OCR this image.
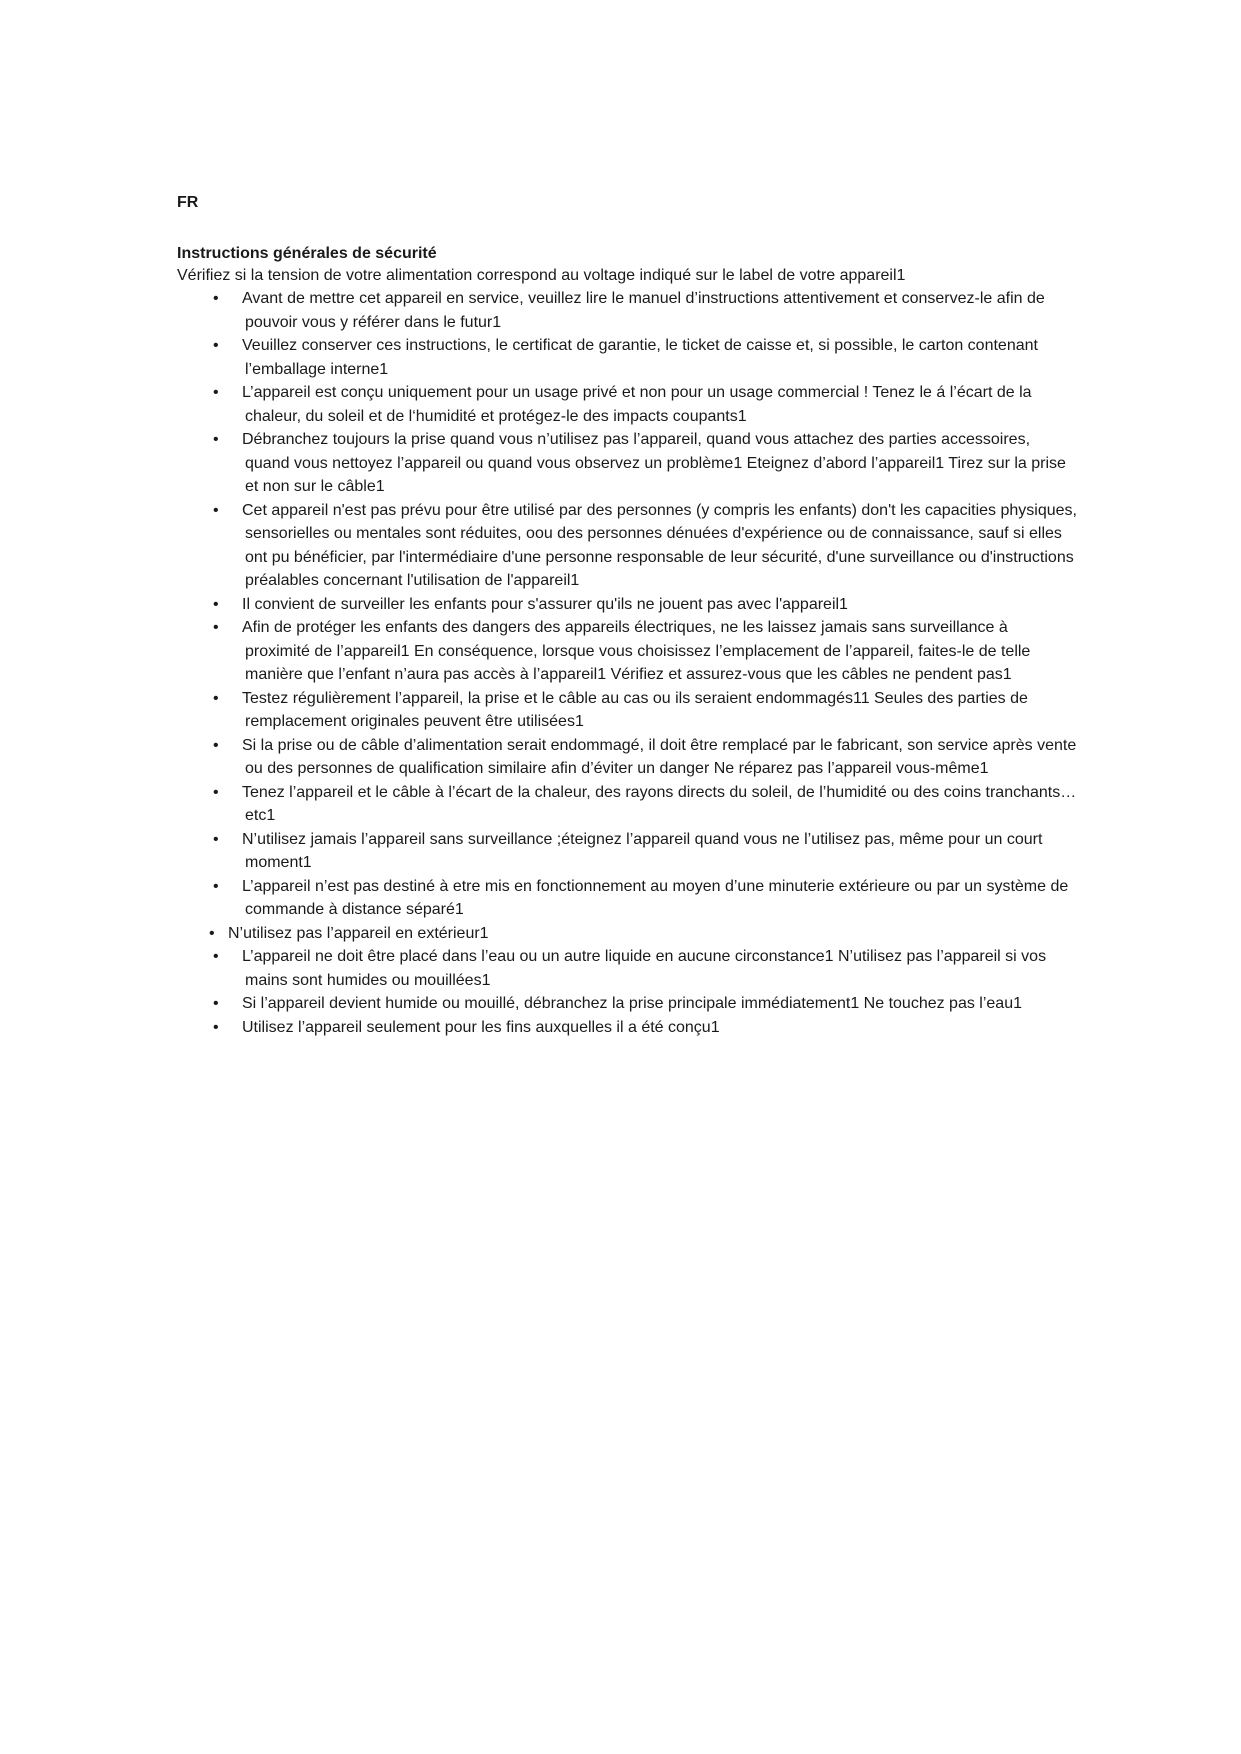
FR

Instructions générales de sécurité

Vérifiez si la tension de votre alimentation correspond au voltage indiqué sur le label de votre appareil1

• Avant de mettre cet appareil en service, veuillez lire le manuel d’instructions attentivement et conservez-le afin de pouvoir vous y référer dans le futur1
• Veuillez conserver ces instructions, le certificat de garantie, le ticket de caisse et, si possible, le carton contenant l’emballage interne1
• L’appareil est conçu uniquement pour un usage privé et non pour un usage commercial ! Tenez le á l’écart de la chaleur, du soleil et de l‘humidité et protégez-le des impacts coupants1
• Débranchez toujours la prise quand vous n’utilisez pas l’appareil, quand vous attachez des parties accessoires, quand vous nettoyez l’appareil ou quand vous observez un problème1 Eteignez d’abord l’appareil1 Tirez sur la prise et non sur le câble1
• Cet appareil n'est pas prévu pour être utilisé par des personnes (y compris les enfants) don't les capacities physiques, sensorielles ou mentales sont réduites, oou des personnes dénuées d'expérience ou de connaissance, sauf si elles ont pu bénéficier, par l'intermédiaire d'une personne responsable de leur sécurité, d'une surveillance ou d'instructions préalables concernant l'utilisation de l'appareil1
• Il convient de surveiller les enfants pour s'assurer qu'ils ne jouent pas avec l'appareil1
• Afin de protéger les enfants des dangers des appareils électriques, ne les laissez jamais sans surveillance à proximité de l’appareil1 En conséquence, lorsque vous choisissez l’emplacement de l’appareil, faites-le de telle manière que l’enfant n’aura pas accès à l’appareil1 Vérifiez et assurez-vous que les câbles ne pendent pas1
• Testez régulièrement l’appareil, la prise et le câble au cas ou ils seraient endommagés11 Seules des parties de remplacement originales peuvent être utilisées1
• Si la prise ou de câble d’alimentation serait endommagé, il doit être remplacé par le fabricant, son service après vente ou des personnes de qualification similaire afin d’éviter un danger Ne réparez pas l’appareil vous-même1
• Tenez l’appareil et le câble à l’écart de la chaleur, des rayons directs du soleil, de l’humidité ou des coins tranchants…etc1
• N’utilisez jamais l’appareil sans surveillance ;éteignez l’appareil quand vous ne l’utilisez pas, même pour un court moment1
• L’appareil n’est pas destiné à etre mis en fonctionnement au moyen d’une minuterie extérieure ou par un système de commande à distance séparé1
• N’utilisez pas l’appareil en extérieur1
• L’appareil ne doit être placé dans l’eau ou un autre liquide en aucune circonstance1 N’utilisez pas l’appareil si vos mains sont humides ou mouillées1
• Si l’appareil devient humide ou mouillé, débranchez la prise principale immédiatement1 Ne touchez pas l’eau1
• Utilisez l’appareil seulement pour les fins auxquelles il a été conçu1
